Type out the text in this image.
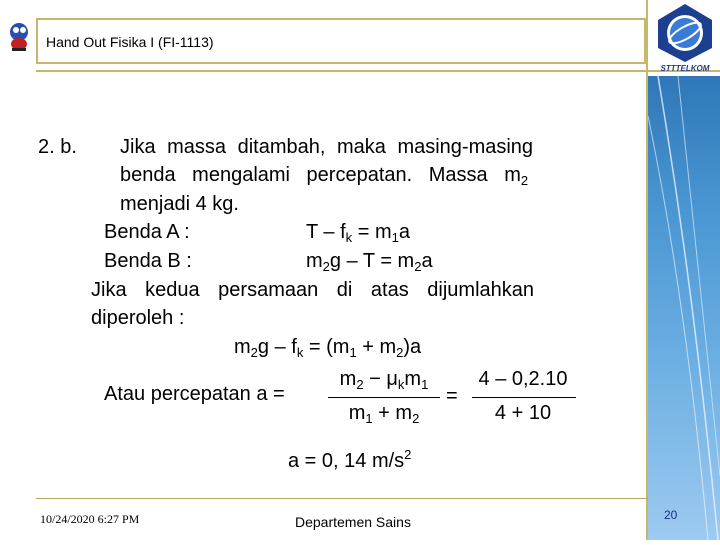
STTTELKOM
Hand Out Fisika I (FI-1113)
2. b. Jika massa ditambah, maka masing-masing
benda mengalami percepatan. Massa $m_2$
menjadi 4 kg.
Benda A :	$T - f_k = m_1a$
Benda B :	$m_2g - T = m_2a$
Jika kedua persamaan di atas dijumlahkan
diperoleh :
$m_2g - f_k = (m_1 + m_2)a$
Atau percepatan a =
$m_2 - \mu_km_1$
$m_1 + m_2$
=
4 – 0,2.10
4 + 10
a = 0, 14 $m/s^2$
10/24/2020 6:27 PM	Departemen Sains	20
